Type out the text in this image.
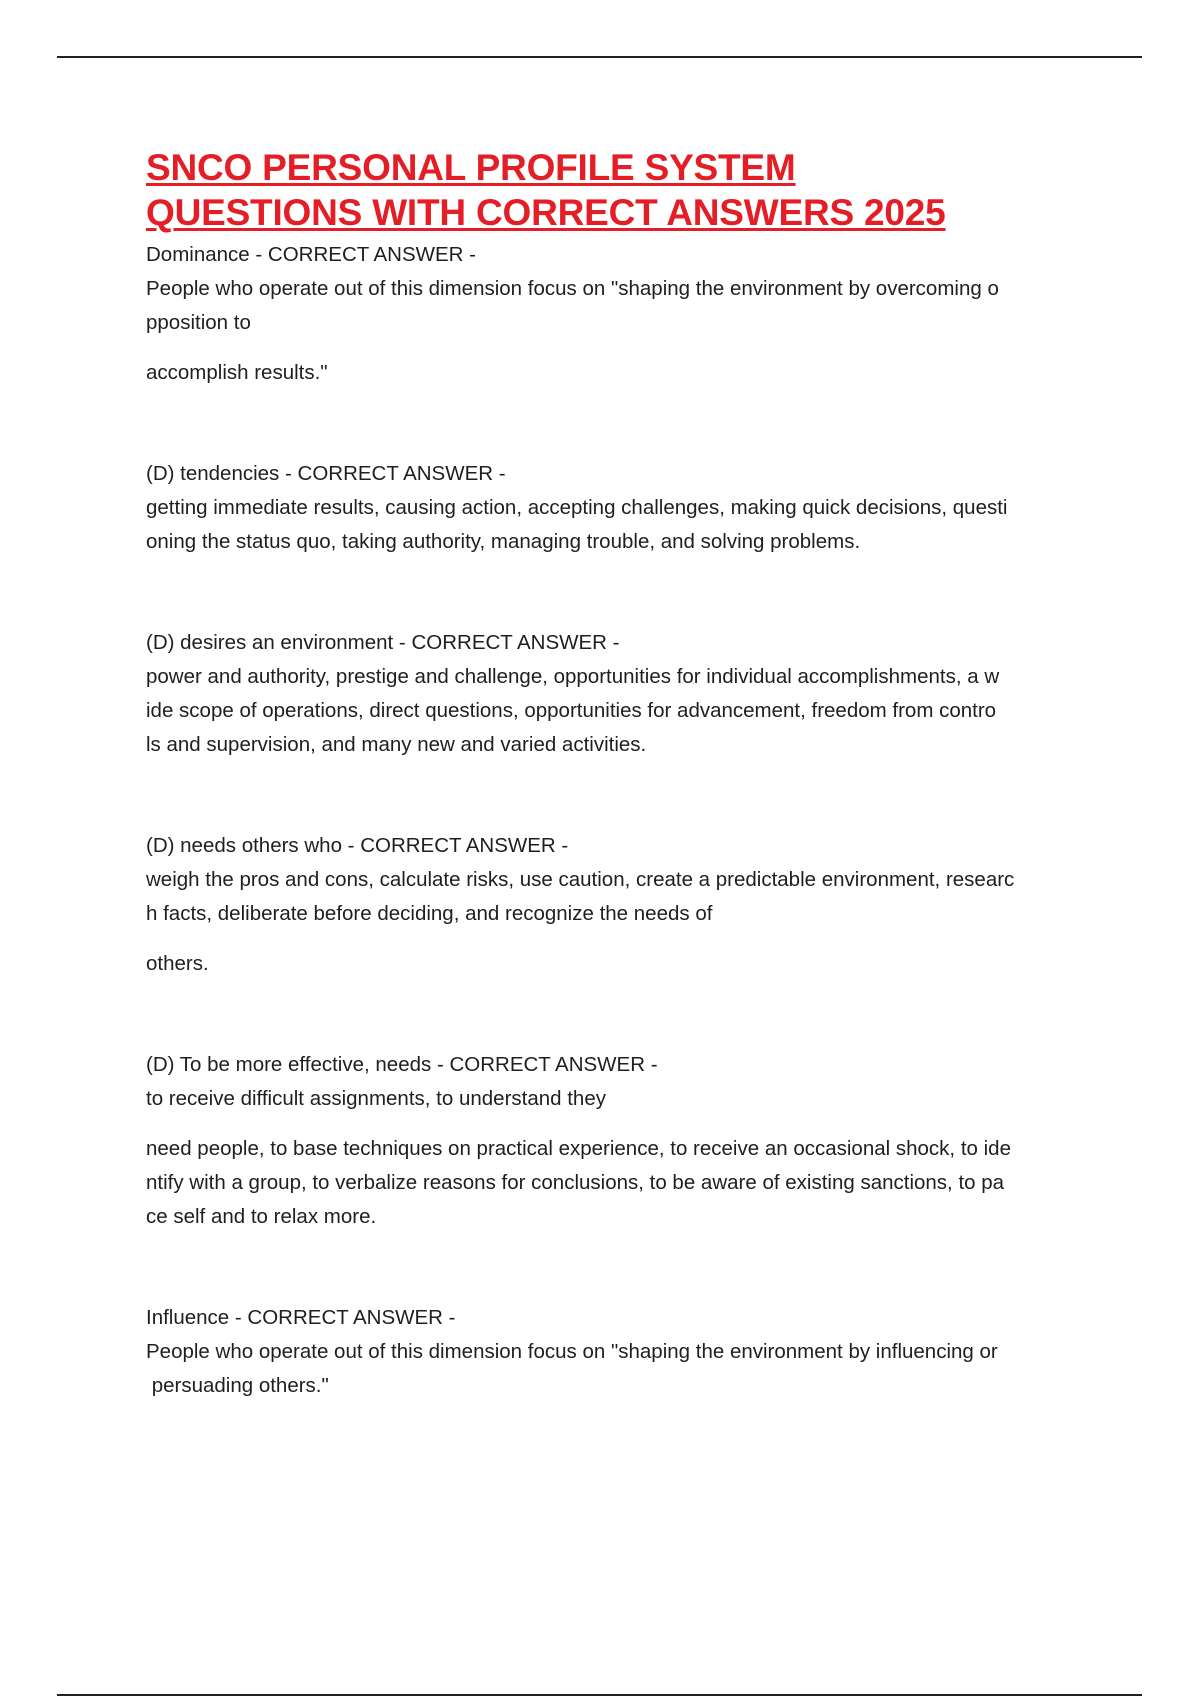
SNCO PERSONAL PROFILE SYSTEM
QUESTIONS WITH CORRECT ANSWERS 2025
Dominance - CORRECT ANSWER -
People who operate out of this dimension focus on "shaping the environment by overcoming o
pposition to
accomplish results."
(D) tendencies - CORRECT ANSWER -
getting immediate results, causing action, accepting challenges, making quick decisions, questi
oning the status quo, taking authority, managing trouble, and solving problems.
(D) desires an environment - CORRECT ANSWER -
power and authority, prestige and challenge, opportunities for individual accomplishments, a w
ide scope of operations, direct questions, opportunities for advancement, freedom from contro
ls and supervision, and many new and varied activities.
(D) needs others who - CORRECT ANSWER -
weigh the pros and cons, calculate risks, use caution, create a predictable environment, researc
h facts, deliberate before deciding, and recognize the needs of
others.
(D) To be more effective, needs - CORRECT ANSWER -
to receive difficult assignments, to understand they
need people, to base techniques on practical experience, to receive an occasional shock, to ide
ntify with a group, to verbalize reasons for conclusions, to be aware of existing sanctions, to pa
ce self and to relax more.
Influence - CORRECT ANSWER -
People who operate out of this dimension focus on "shaping the environment by influencing or
persuading others."
